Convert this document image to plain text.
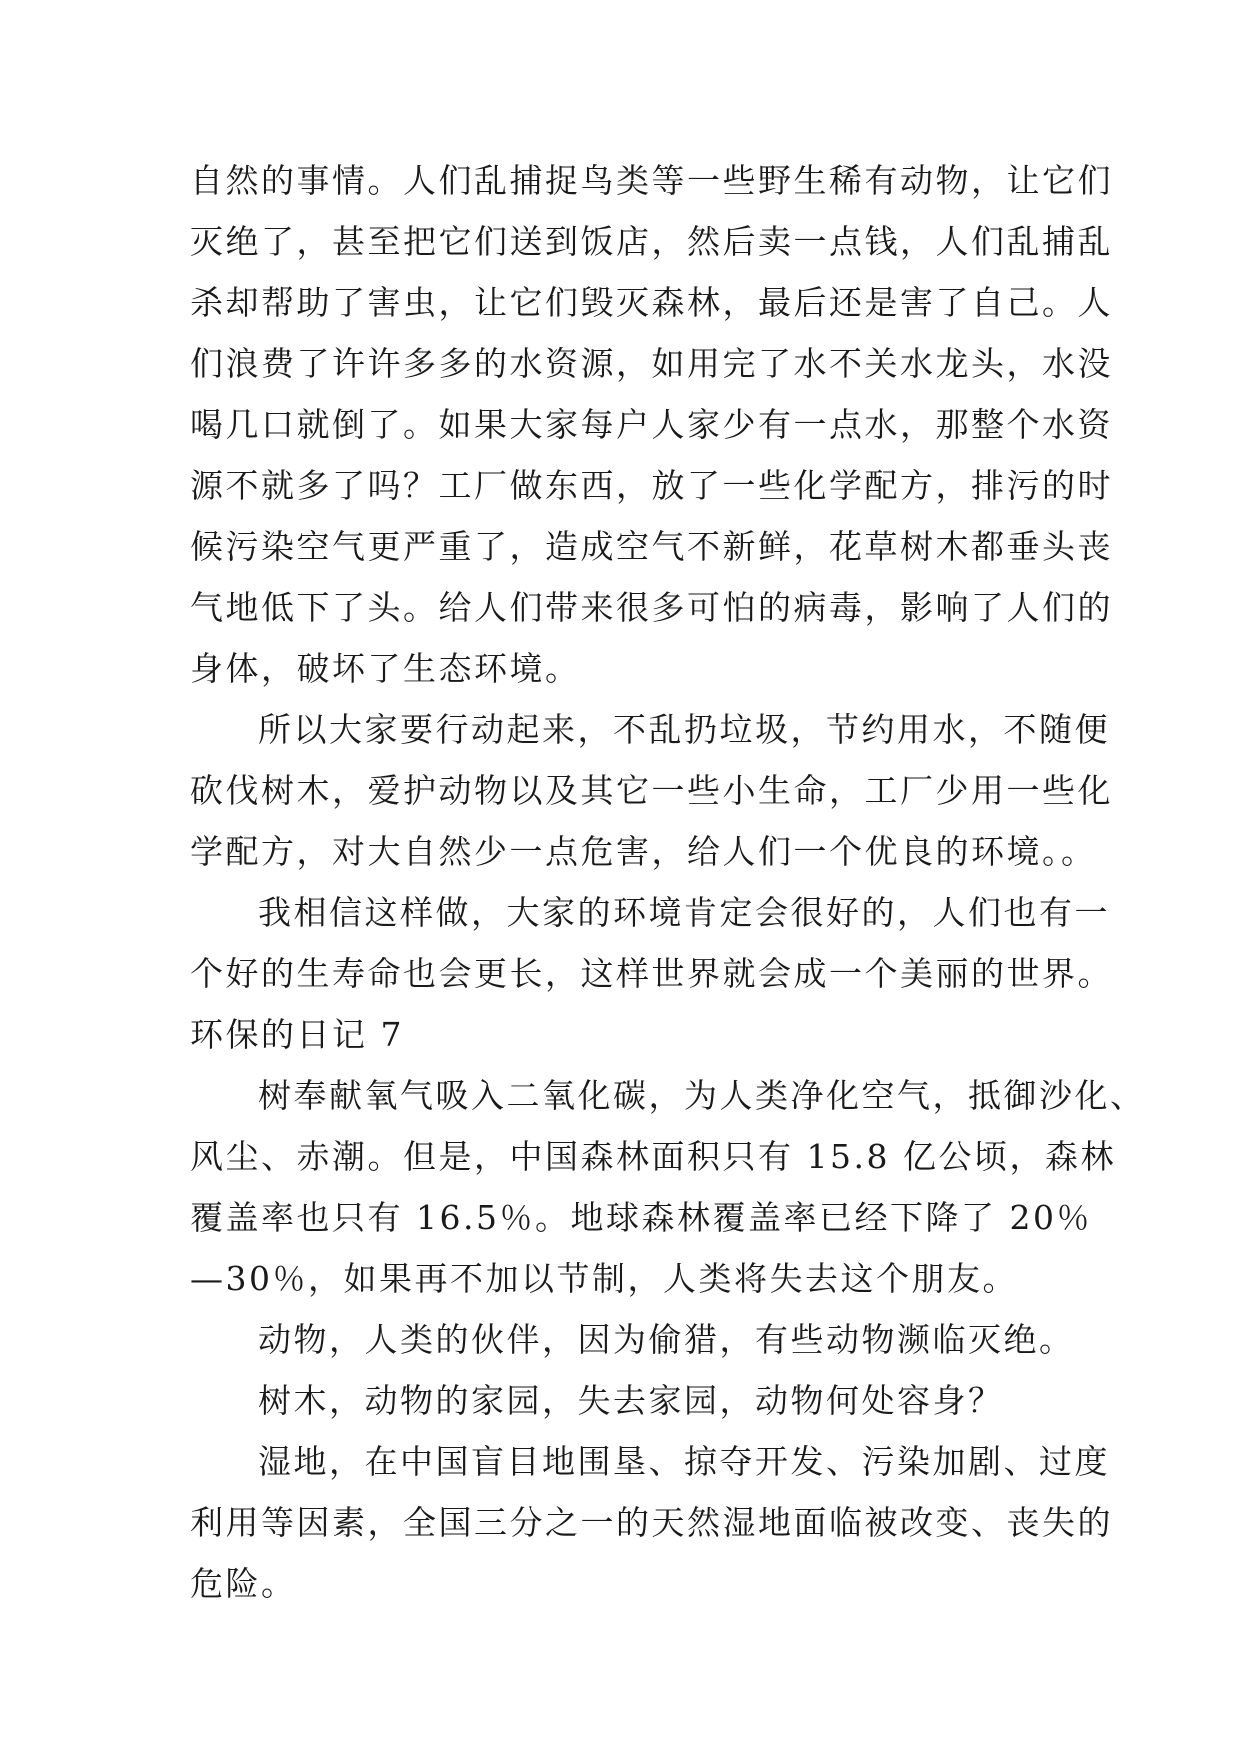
自然的事情。人们乱捕捉鸟类等一些野生稀有动物，让它们
灭绝了，甚至把它们送到饭店，然后卖一点钱，人们乱捕乱
杀却帮助了害虫，让它们毁灭森林，最后还是害了自己。人
们浪费了许许多多的水资源，如用完了水不关水龙头，水没
喝几口就倒了。如果大家每户人家少有一点水，那整个水资
源不就多了吗？工厂做东西，放了一些化学配方，排污的时
候污染空气更严重了，造成空气不新鲜，花草树木都垂头丧
气地低下了头。给人们带来很多可怕的病毒，影响了人们的
身体，破坏了生态环境。
所以大家要行动起来，不乱扔垃圾，节约用水，不随便
砍伐树木，爱护动物以及其它一些小生命，工厂少用一些化
学配方，对大自然少一点危害，给人们一个优良的环境。。
我相信这样做，大家的环境肯定会很好的，人们也有一
个好的生寿命也会更长，这样世界就会成一个美丽的世界。
环保的日记 7
树奉献氧气吸入二氧化碳，为人类净化空气，抵御沙化、
风尘、赤潮。但是，中国森林面积只有 15.8 亿公顷，森林
覆盖率也只有 16.5％。地球森林覆盖率已经下降了 20％
—30％，如果再不加以节制，人类将失去这个朋友。
动物，人类的伙伴，因为偷猎，有些动物濒临灭绝。
树木，动物的家园，失去家园，动物何处容身？
湿地，在中国盲目地围垦、掠夺开发、污染加剧、过度
利用等因素，全国三分之一的天然湿地面临被改变、丧失的
危险。
